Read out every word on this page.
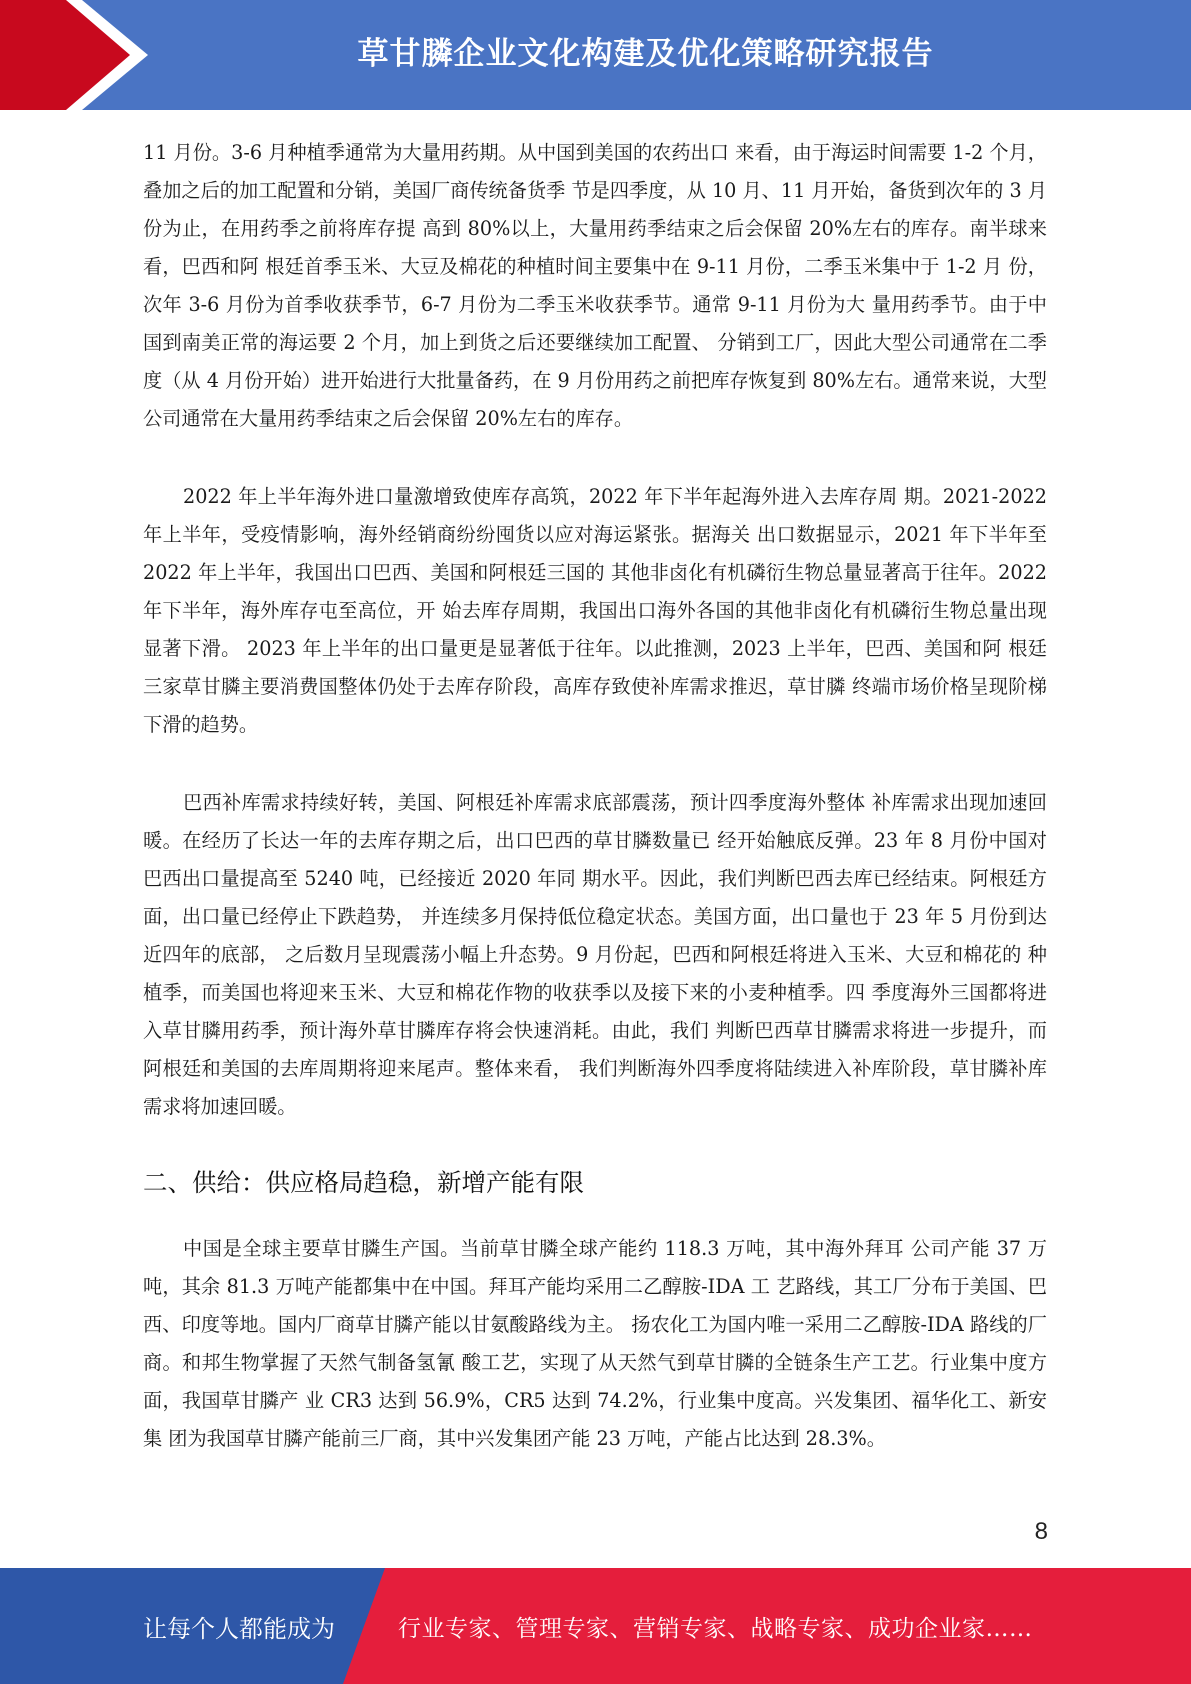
草甘膦企业文化构建及优化策略研究报告

11 月份。3-6 月种植季通常为大量用药期。从中国到美国的农药出口 来看，由于海运时间需要 1-2 个月，叠加之后的加工配置和分销，美国厂商传统备货季 节是四季度，从 10 月、11 月开始，备货到次年的 3 月份为止，在用药季之前将库存提 高到 80%以上，大量用药季结束之后会保留 20%左右的库存。南半球来看，巴西和阿 根廷首季玉米、大豆及棉花的种植时间主要集中在 9-11 月份，二季玉米集中于 1-2 月 份，次年 3-6 月份为首季收获季节，6-7 月份为二季玉米收获季节。通常 9-11 月份为大 量用药季节。由于中国到南美正常的海运要 2 个月，加上到货之后还要继续加工配置、 分销到工厂，因此大型公司通常在二季度（从 4 月份开始）进开始进行大批量备药，在 9 月份用药之前把库存恢复到 80%左右。通常来说，大型公司通常在大量用药季结束之后会保留 20%左右的库存。

2022 年上半年海外进口量激增致使库存高筑，2022 年下半年起海外进入去库存周 期。2021-2022 年上半年，受疫情影响，海外经销商纷纷囤货以应对海运紧张。据海关 出口数据显示，2021 年下半年至 2022 年上半年，我国出口巴西、美国和阿根廷三国的 其他非卤化有机磷衍生物总量显著高于往年。2022 年下半年，海外库存屯至高位，开 始去库存周期，我国出口海外各国的其他非卤化有机磷衍生物总量出现显著下滑。 2023 年上半年的出口量更是显著低于往年。以此推测，2023 上半年，巴西、美国和阿 根廷三家草甘膦主要消费国整体仍处于去库存阶段，高库存致使补库需求推迟，草甘膦 终端市场价格呈现阶梯下滑的趋势。

巴西补库需求持续好转，美国、阿根廷补库需求底部震荡，预计四季度海外整体 补库需求出现加速回暖。在经历了长达一年的去库存期之后，出口巴西的草甘膦数量已 经开始触底反弹。23 年 8 月份中国对巴西出口量提高至 5240 吨，已经接近 2020 年同 期水平。因此，我们判断巴西去库已经结束。阿根廷方面，出口量已经停止下跌趋势， 并连续多月保持低位稳定状态。美国方面，出口量也于 23 年 5 月份到达近四年的底部， 之后数月呈现震荡小幅上升态势。9 月份起，巴西和阿根廷将进入玉米、大豆和棉花的 种植季，而美国也将迎来玉米、大豆和棉花作物的收获季以及接下来的小麦种植季。四 季度海外三国都将进入草甘膦用药季，预计海外草甘膦库存将会快速消耗。由此，我们 判断巴西草甘膦需求将进一步提升，而阿根廷和美国的去库周期将迎来尾声。整体来看， 我们判断海外四季度将陆续进入补库阶段，草甘膦补库需求将加速回暖。

二、供给：供应格局趋稳，新增产能有限

中国是全球主要草甘膦生产国。当前草甘膦全球产能约 118.3 万吨，其中海外拜耳 公司产能 37 万吨，其余 81.3 万吨产能都集中在中国。拜耳产能均采用二乙醇胺-IDA 工 艺路线，其工厂分布于美国、巴西、印度等地。国内厂商草甘膦产能以甘氨酸路线为主。 扬农化工为国内唯一采用二乙醇胺-IDA 路线的厂商。和邦生物掌握了天然气制备氢氰 酸工艺，实现了从天然气到草甘膦的全链条生产工艺。行业集中度方面，我国草甘膦产 业 CR3 达到 56.9%，CR5 达到 74.2%，行业集中度高。兴发集团、福华化工、新安集 团为我国草甘膦产能前三厂商，其中兴发集团产能 23 万吨，产能占比达到 28.3%。

8
让每个人都能成为	行业专家、管理专家、营销专家、战略专家、成功企业家……
